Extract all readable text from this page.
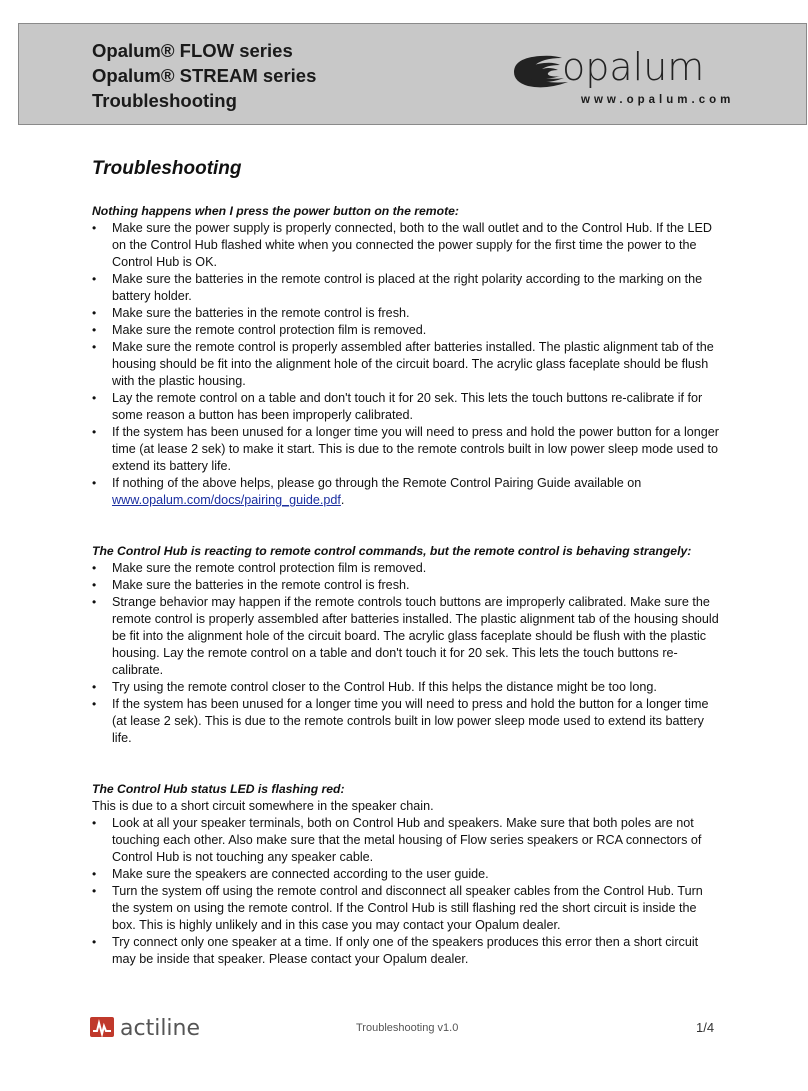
Opalum® FLOW series
Opalum® STREAM series
Troubleshooting
opalum
www.opalum.com
Troubleshooting
Nothing happens when I press the power button on the remote:
• Make sure the power supply is properly connected, both to the wall outlet and to the Control Hub. If the LED on the Control Hub flashed white when you connected the power supply for the first time the power to the Control Hub is OK.
• Make sure the batteries in the remote control is placed at the right polarity according to the marking on the battery holder.
• Make sure the batteries in the remote control is fresh.
• Make sure the remote control protection film is removed.
• Make sure the remote control is properly assembled after batteries installed. The plastic alignment tab of the housing should be fit into the alignment hole of the circuit board. The acrylic glass faceplate should be flush with the plastic housing.
• Lay the remote control on a table and don't touch it for 20 sek. This lets the touch buttons re-calibrate if for some reason a button has been improperly calibrated.
• If the system has been unused for a longer time you will need to press and hold the power button for a longer time (at lease 2 sek) to make it start. This is due to the remote controls built in low power sleep mode used to extend its battery life.
• If nothing of the above helps, please go through the Remote Control Pairing Guide available on www.opalum.com/docs/pairing_guide.pdf.
The Control Hub is reacting to remote control commands, but the remote control is behaving strangely:
• Make sure the remote control protection film is removed.
• Make sure the batteries in the remote control is fresh.
• Strange behavior may happen if the remote controls touch buttons are improperly calibrated. Make sure the remote control is properly assembled after batteries installed. The plastic alignment tab of the housing should be fit into the alignment hole of the circuit board. The acrylic glass faceplate should be flush with the plastic housing. Lay the remote control on a table and don't touch it for 20 sek. This lets the touch buttons re-calibrate.
• Try using the remote control closer to the Control Hub. If this helps the distance might be too long.
• If the system has been unused for a longer time you will need to press and hold the button for a longer time (at lease 2 sek). This is due to the remote controls built in low power sleep mode used to extend its battery life.
The Control Hub status LED is flashing red:
This is due to a short circuit somewhere in the speaker chain.
• Look at all your speaker terminals, both on Control Hub and speakers. Make sure that both poles are not touching each other. Also make sure that the metal housing of Flow series speakers or RCA connectors of Control Hub is not touching any speaker cable.
• Make sure the speakers are connected according to the user guide.
• Turn the system off using the remote control and disconnect all speaker cables from the Control Hub. Turn the system on using the remote control. If the Control Hub is still flashing red the short circuit is inside the box. This is highly unlikely and in this case you may contact your Opalum dealer.
• Try connect only one speaker at a time. If only one of the speakers produces this error then a short circuit may be inside that speaker. Please contact your Opalum dealer.
actiline	Troubleshooting v1.0	1/4
